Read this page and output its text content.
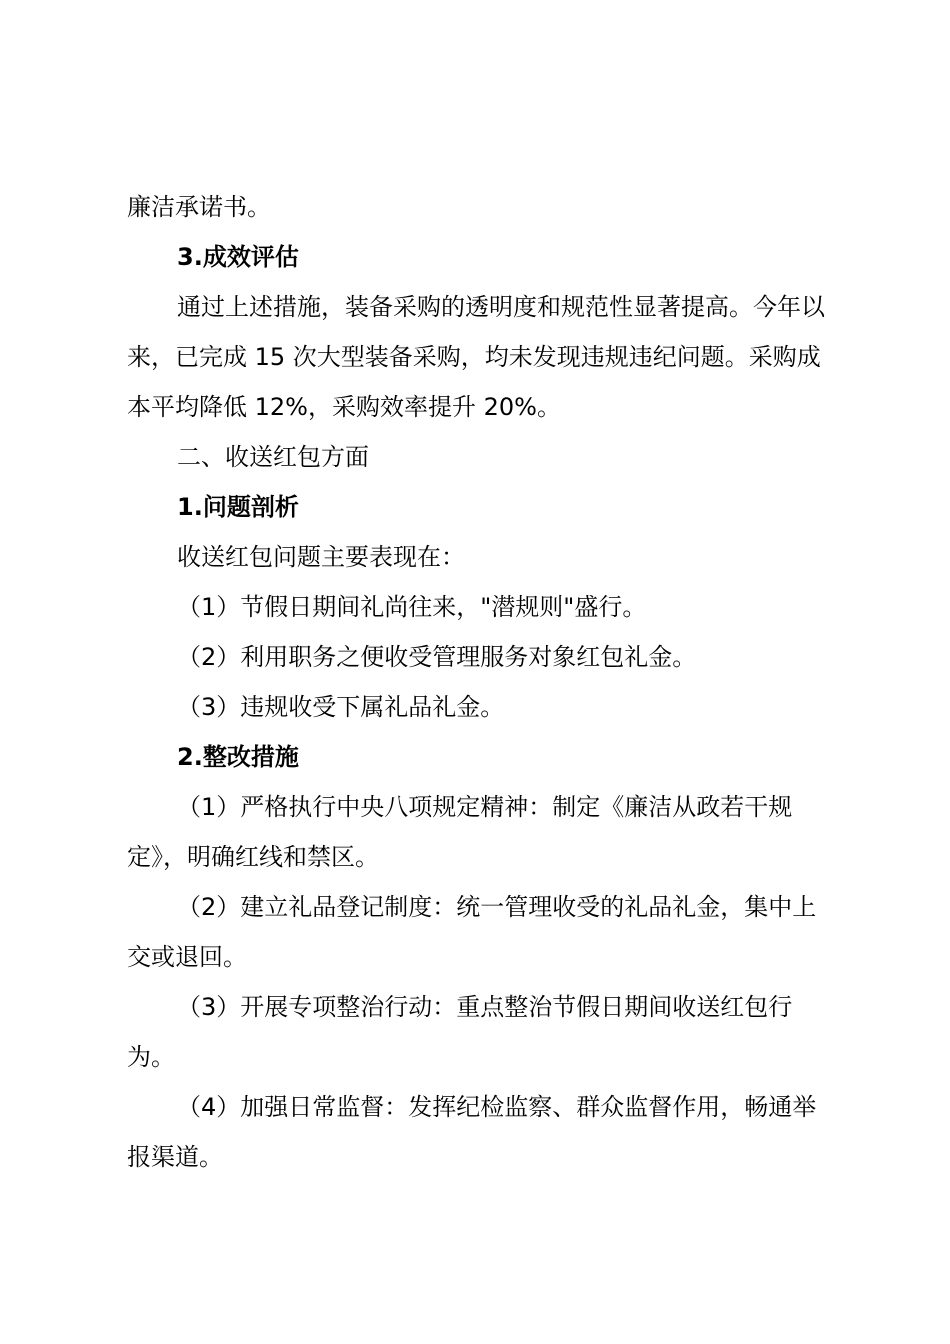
廉洁承诺书。

3.成效评估

通过上述措施，装备采购的透明度和规范性显著提高。今年以来，已完成 15 次大型装备采购，均未发现违规违纪问题。采购成本平均降低 12%，采购效率提升 20%。

二、收送红包方面

1.问题剖析

收送红包问题主要表现在：

（1）节假日期间礼尚往来，"潜规则"盛行。

（2）利用职务之便收受管理服务对象红包礼金。

（3）违规收受下属礼品礼金。

2.整改措施

（1）严格执行中央八项规定精神：制定《廉洁从政若干规定》，明确红线和禁区。

（2）建立礼品登记制度：统一管理收受的礼品礼金，集中上交或退回。

（3）开展专项整治行动：重点整治节假日期间收送红包行为。

（4）加强日常监督：发挥纪检监察、群众监督作用，畅通举报渠道。
